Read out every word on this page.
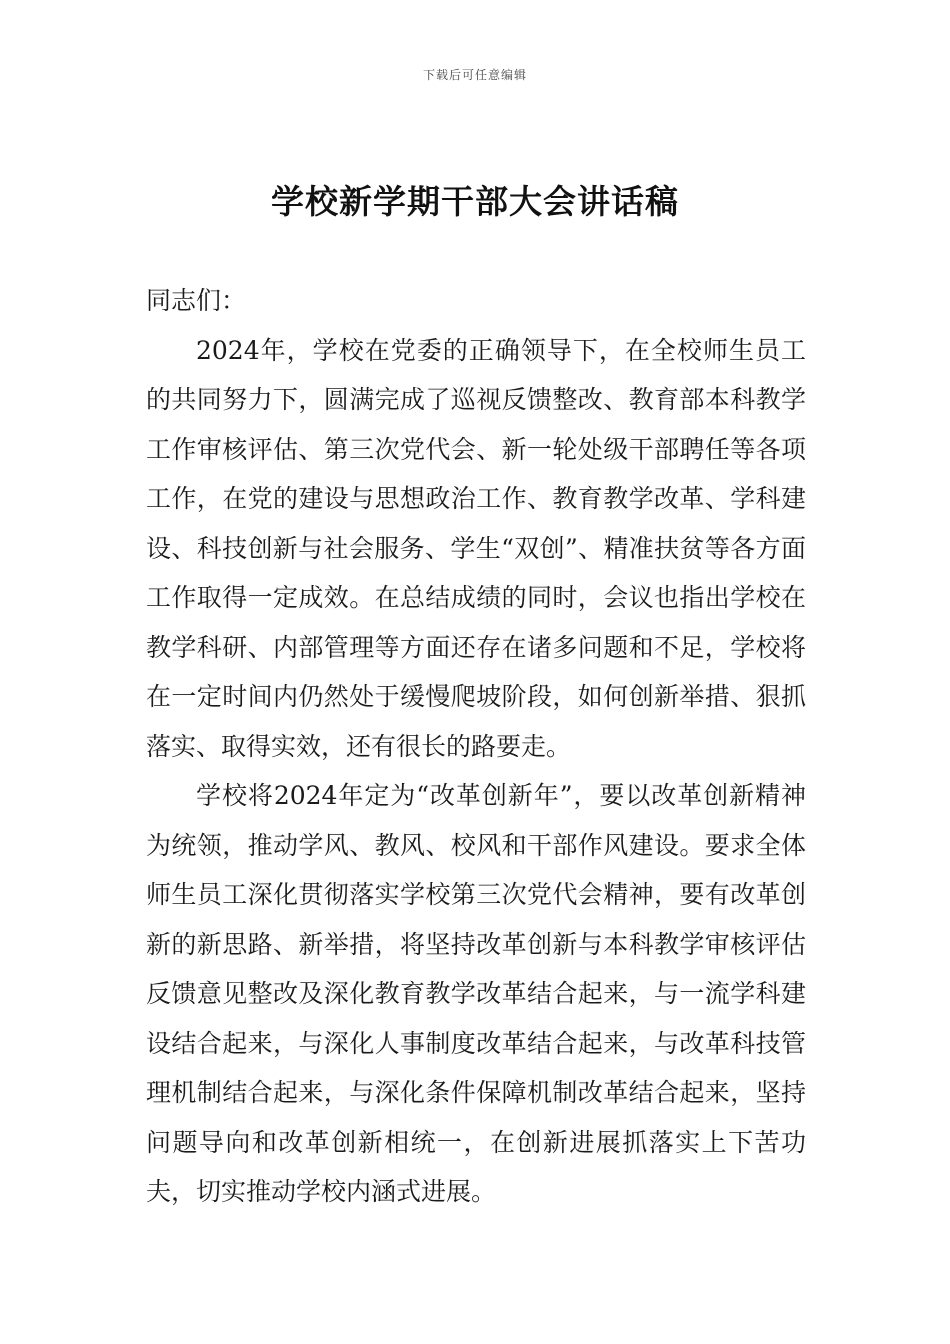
下载后可任意编辑
学校新学期干部大会讲话稿

同志们：

2024年，学校在党委的正确领导下，在全校师生员工的共同努力下，圆满完成了巡视反馈整改、教育部本科教学工作审核评估、第三次党代会、新一轮处级干部聘任等各项工作，在党的建设与思想政治工作、教育教学改革、学科建设、科技创新与社会服务、学生“双创”、精准扶贫等各方面工作取得一定成效。在总结成绩的同时，会议也指出学校在教学科研、内部管理等方面还存在诸多问题和不足，学校将在一定时间内仍然处于缓慢爬坡阶段，如何创新举措、狠抓落实、取得实效，还有很长的路要走。

学校将2024年定为“改革创新年”，要以改革创新精神为统领，推动学风、教风、校风和干部作风建设。要求全体师生员工深化贯彻落实学校第三次党代会精神，要有改革创新的新思路、新举措，将坚持改革创新与本科教学审核评估反馈意见整改及深化教育教学改革结合起来，与一流学科建设结合起来，与深化人事制度改革结合起来，与改革科技管理机制结合起来，与深化条件保障机制改革结合起来，坚持问题导向和改革创新相统一，在创新进展抓落实上下苦功夫，切实推动学校内涵式进展。
